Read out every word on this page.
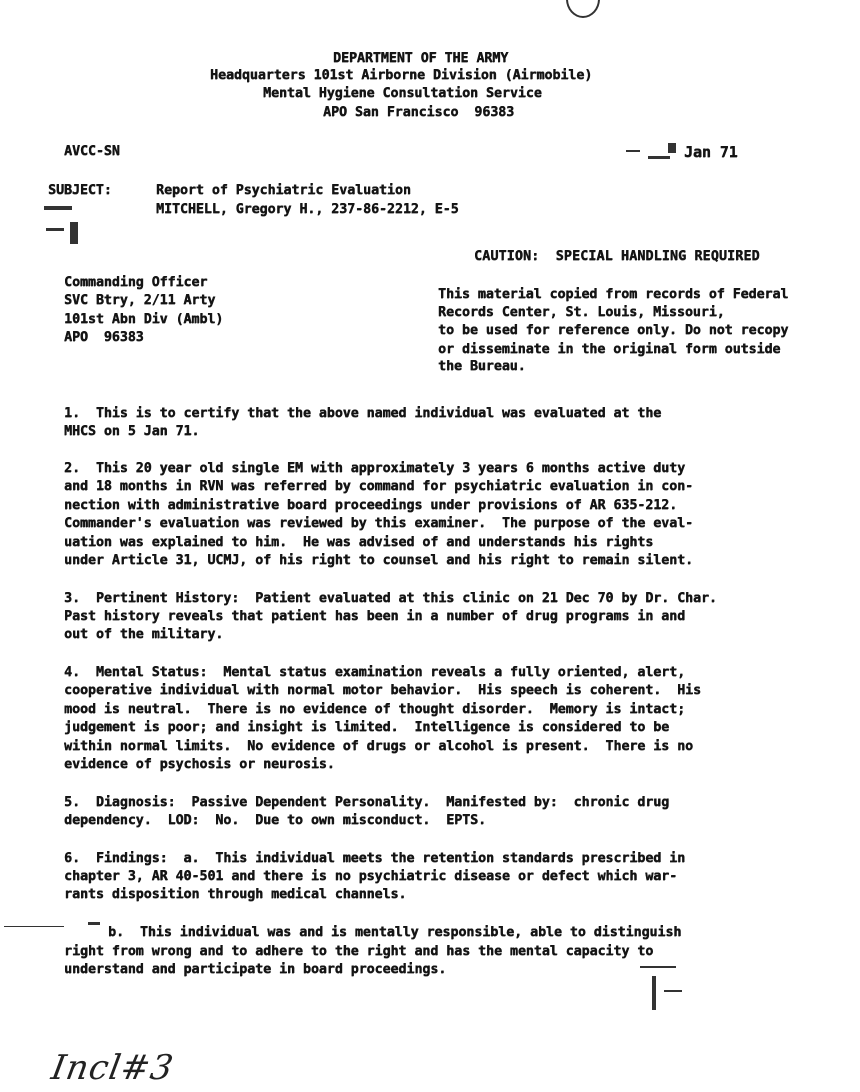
DEPARTMENT OF THE ARMY
Headquarters 101st Airborne Division (Airmobile)
Mental Hygiene Consultation Service
APO San Francisco  96383
AVCC-SN	Jan 71
SUBJECT:	Report of Psychiatric Evaluation
MITCHELL, Gregory H., 237-86-2212, E-5
CAUTION:  SPECIAL HANDLING REQUIRED
Commanding Officer
SVC Btry, 2/11 Arty
101st Abn Div (Ambl)
APO  96383
This material copied from records of Federal
Records Center, St. Louis, Missouri,
to be used for reference only. Do not recopy
or disseminate in the original form outside
the Bureau.
1.  This is to certify that the above named individual was evaluated at the
MHCS on 5 Jan 71.
2.  This 20 year old single EM with approximately 3 years 6 months active duty
and 18 months in RVN was referred by command for psychiatric evaluation in con-
nection with administrative board proceedings under provisions of AR 635-212.
Commander's evaluation was reviewed by this examiner.  The purpose of the eval-
uation was explained to him.  He was advised of and understands his rights
under Article 31, UCMJ, of his right to counsel and his right to remain silent.
3.  Pertinent History:  Patient evaluated at this clinic on 21 Dec 70 by Dr. Char.
Past history reveals that patient has been in a number of drug programs in and
out of the military.
4.  Mental Status:  Mental status examination reveals a fully oriented, alert,
cooperative individual with normal motor behavior.  His speech is coherent.  His
mood is neutral.  There is no evidence of thought disorder.  Memory is intact;
judgement is poor; and insight is limited.  Intelligence is considered to be
within normal limits.  No evidence of drugs or alcohol is present.  There is no
evidence of psychosis or neurosis.
5.  Diagnosis:  Passive Dependent Personality.  Manifested by:  chronic drug
dependency.  LOD:  No.  Due to own misconduct.  EPTS.
6.  Findings:  a.  This individual meets the retention standards prescribed in
chapter 3, AR 40-501 and there is no psychiatric disease or defect which war-
rants disposition through medical channels.
b.  This individual was and is mentally responsible, able to distinguish
right from wrong and to adhere to the right and has the mental capacity to
understand and participate in board proceedings.
Incl#3
